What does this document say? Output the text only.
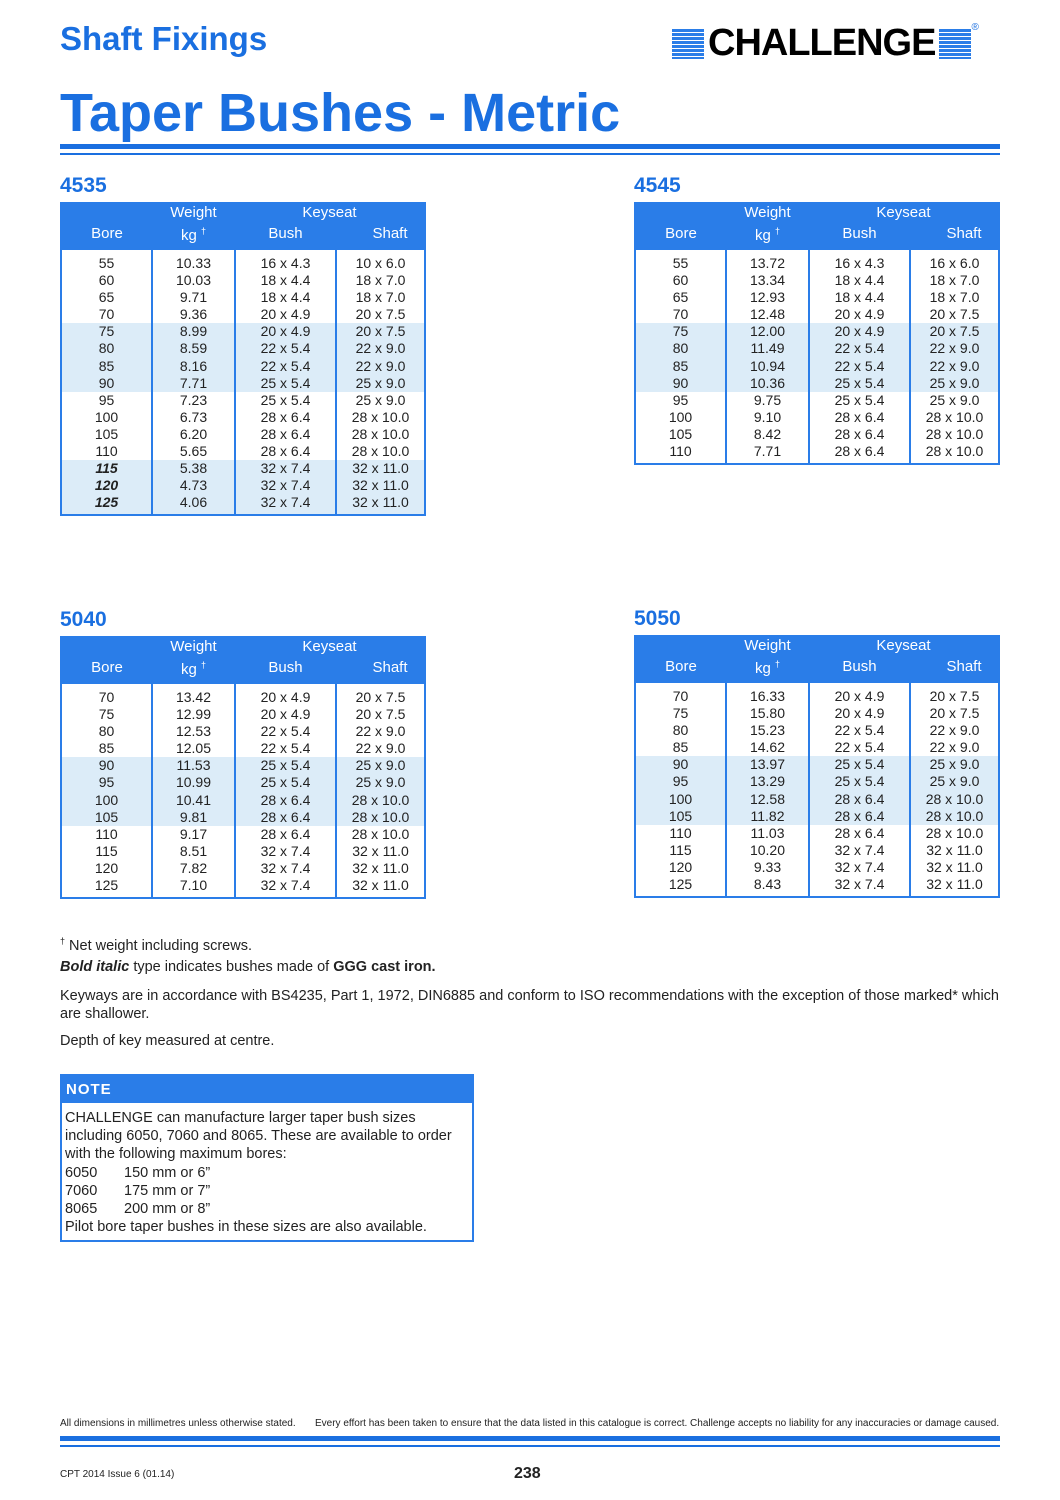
Shaft Fixings	CHALLENGE	®
Taper Bushes - Metric
4535
	Weight	Keyseat	
Bore	kg †	Bush	Shaft
55	10.33	16 x 4.3	10 x 6.0
60	10.03	18 x 4.4	18 x 7.0
65	9.71	18 x 4.4	18 x 7.0
70	9.36	20 x 4.9	20 x 7.5
75	8.99	20 x 4.9	20 x 7.5
80	8.59	22 x 5.4	22 x 9.0
85	8.16	22 x 5.4	22 x 9.0
90	7.71	25 x 5.4	25 x 9.0
95	7.23	25 x 5.4	25 x 9.0
100	6.73	28 x 6.4	28 x 10.0
105	6.20	28 x 6.4	28 x 10.0
110	5.65	28 x 6.4	28 x 10.0
115	5.38	32 x 7.4	32 x 11.0
120	4.73	32 x 7.4	32 x 11.0
125	4.06	32 x 7.4	32 x 11.0
4545
	Weight	Keyseat	
Bore	kg †	Bush	Shaft
55	13.72	16 x 4.3	16 x 6.0
60	13.34	18 x 4.4	18 x 7.0
65	12.93	18 x 4.4	18 x 7.0
70	12.48	20 x 4.9	20 x 7.5
75	12.00	20 x 4.9	20 x 7.5
80	11.49	22 x 5.4	22 x 9.0
85	10.94	22 x 5.4	22 x 9.0
90	10.36	25 x 5.4	25 x 9.0
95	9.75	25 x 5.4	25 x 9.0
100	9.10	28 x 6.4	28 x 10.0
105	8.42	28 x 6.4	28 x 10.0
110	7.71	28 x 6.4	28 x 10.0
5040
	Weight	Keyseat	
Bore	kg †	Bush	Shaft
70	13.42	20 x 4.9	20 x 7.5
75	12.99	20 x 4.9	20 x 7.5
80	12.53	22 x 5.4	22 x 9.0
85	12.05	22 x 5.4	22 x 9.0
90	11.53	25 x 5.4	25 x 9.0
95	10.99	25 x 5.4	25 x 9.0
100	10.41	28 x 6.4	28 x 10.0
105	9.81	28 x 6.4	28 x 10.0
110	9.17	28 x 6.4	28 x 10.0
115	8.51	32 x 7.4	32 x 11.0
120	7.82	32 x 7.4	32 x 11.0
125	7.10	32 x 7.4	32 x 11.0
5050
	Weight	Keyseat	
Bore	kg †	Bush	Shaft
70	16.33	20 x 4.9	20 x 7.5
75	15.80	20 x 4.9	20 x 7.5
80	15.23	22 x 5.4	22 x 9.0
85	14.62	22 x 5.4	22 x 9.0
90	13.97	25 x 5.4	25 x 9.0
95	13.29	25 x 5.4	25 x 9.0
100	12.58	28 x 6.4	28 x 10.0
105	11.82	28 x 6.4	28 x 10.0
110	11.03	28 x 6.4	28 x 10.0
115	10.20	32 x 7.4	32 x 11.0
120	9.33	32 x 7.4	32 x 11.0
125	8.43	32 x 7.4	32 x 11.0
† Net weight including screws.
Bold italic type indicates bushes made of GGG cast iron.
Keyways are in accordance with BS4235, Part 1, 1972, DIN6885 and conform to ISO recommendations with the exception of those marked* which are shallower.
Depth of key measured at centre.
NOTE
CHALLENGE can manufacture larger taper bush sizes including 6050, 7060 and 8065. These are available to order with the following maximum bores:
6050 150 mm or 6”
7060 175 mm or 7”
8065 200 mm or 8”
Pilot bore taper bushes in these sizes are also available.
All dimensions in millimetres unless otherwise stated. Every effort has been taken to ensure that the data listed in this catalogue is correct. Challenge accepts no liability for any inaccuracies or damage caused.
CPT 2014 Issue 6 (01.14)	238
